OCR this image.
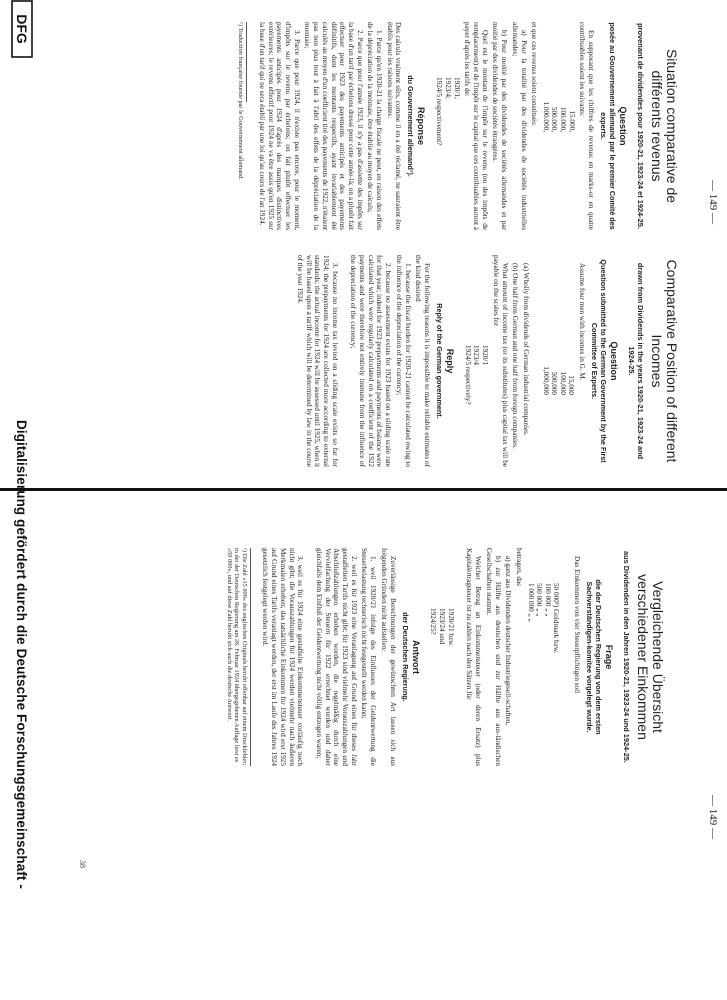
— 149 —
Situation comparative de différents revenus
provenant de dividendes pour 1920-21, 1923-24 et 1924-25.
Question
posée au Gouvernement allemand par le premier Comité des experts.

En supposant que les chiffres de revenus en marks-or en quatre contribuables soient les suivants:

15.000,
100.000,
500.000,
1.000.000,

et que ces revenus soient constitués:

a) Pour la totalité par des dividendes de sociétés industrielles allemandes;

b) Pour moitié par des dividendes de sociétés allemandes et par moitié par des dividendes de sociétés étrangères.

Quel est le montant de l'impôt sur le revenu (ou des impôts de remplacement) et de l'impôt sur le capital que ces contribuables auront à payer d'après les tarifs de:

1920/1;
1923/4;
1924/5 respectivement?
Réponse
du Gouvernement allemand¹).

Des calculs vraiment sûrs, comme il en a été réclamé, ne sauraient être établis pour les raisons suivantes:

1. Parce qu'en 1920-21 la charge fiscale ne peut, en raison des effets de la dépréciation de la monnaie, être établie au moyen de calculs;

2. Parce que pour l'année 1923, il n'y a pas d'assiette des impôts sur la base d'un tarif par échelons dressé pour cette année-là; on a plutôt fait effectuer pour 1923 des payements anticipés et des payements définitifs, dont les montants respectifs, ayant invariablement été calculés au moyen d'un coefficient tiré des payements de 1922, n'étaient pas non plus tout à fait à l'abri des effets de la dépréciation de la monnaie;

3. Parce que pour 1924, il n'existe pas encore, pour le moment, d'impôts sur le revenu par échelons; on fait plutôt effectuer les payements anticipés pour 1924 d'après des marques distinctives extérieures; le revenu effectif pour 1924 ne va être assis qu'en 1925 sur la base d'un tarif qui ne sera établi par une loi qu'au cours de l'an 1924.

¹) Traduction française fournie par le Gouvernement allemand.
Comparative Position of different Incomes
drawn from Dividends in the years 1920-21, 1923-24 and 1924-25.
Question
Question submitted to the German Government by the First Committee of Experts.

Assume four men with incomes in G. M.

15,000
100,000
500,000
1,000,000

(a) Wholly from dividends of German industrial companies.

(b) One half from German and one half from foreign companies.

What amount of income tax (or its substitutes) plus capital tax will be payable on the scales for

1920/1
1923/4
1924/5 respectively?
Reply
Reply of the German government.

For the following reasons it is impossible to make reliable estimates of the kind desired:

1. because the fiscal burden for 1920-21 cannot be calculated owing to the influence of the depreciation of the currency;

2. because no assessment exists for 1923 based on a sliding scale rate for that year; indeed for 1923 prepayments and payments of balance were calculated which were regularly calculated on a coefficient of the 1922 payments and were therefore not entirely immune from the influence of the depreciation of the currency;

3. because no income tax levied on a sliding scale exists so far for 1924; the prepayments for 1924 are collected more according to external standards; the actual income for 1924 will be assessed until 1925, when it will be based upon a tariff which will be determined by law in the course of the year 1924.

— 149 —
Vergleichende Übersicht verschiedener Einkommen
aus Dividenden in den Jahren 1920-21, 1923-24 und 1924-25.
Frage
die der Deutschen Regierung von dem ersten Sachverständigen-komitee vorgelegt wurde.

Das Einkommen von vier Steuerpflichtigen soll

50 000¹) Goldmark bzw.
100 000 „ „
500 000 „ „
1 000 000 „ „

betragen, das

a) ganz aus Dividenden deutscher Industriegesell-schaften,

b) zur Hälfte aus deutschen und zur Hälfte aus aus-ländischen Gesellschaften stammt.

Welcher Betrag an Einkommensteuer (oder deren Ersatz) plus Kapitalertragsteuer ist zu zahlen nach den Sätzen für

1920/21 bzw.
1923/24 und
1924/25?
Antwort
der Deutschen Regierung.

Zuverlässige Berechnungen der gewünschten Art lassen sich aus folgenden Gründen nicht aufstellen:

1. weil 1920/21 infolge des Einflusses der Geldentwertung die Steuerbelastung rechnerisch nicht festgestellt werden kann;

2. weil es für 1923 eine Veranlagung auf Grund eines für dieses Jahr gestaffelten Tarifs nicht gibt; für 1923 sind vielmehr Vorauszahlungen und Abschlußzahlungen erhoben worden, die regelmäßig durch eine Vervielfachung der Steuern für 1922 errechnet wurden und daher gleichfalls dem Einfluß der Geldentwertung nicht völlig entzogen waren;

3. weil es für 1924 eine gestaffelte Einkommensteuer vorläufig noch nicht gibt; die Vorauszahlungen für 1924 werden vielmehr nach äußeren Merkmalen erhoben; das tatsächliche Einkommen für 1924 wird erst 1925 auf Grund eines Tarifs veranlagt werden, der erst im Laufe des Jahres 1924 gesetzlich festgelegt werden wird.

¹) Die Zahl »15 000« des englischen Originals beruht offenbar auf einem Druckfehler; in der der Deutschen Regierung am 26. Februar 1924 übergegebenen Auflage liest es »50 000«, und auf diese Zahl beruht sich auch die deutsche Antwort.
38
DFG
Digitalisierung gefördert durch die Deutsche Forschungsgemeinschaft -
